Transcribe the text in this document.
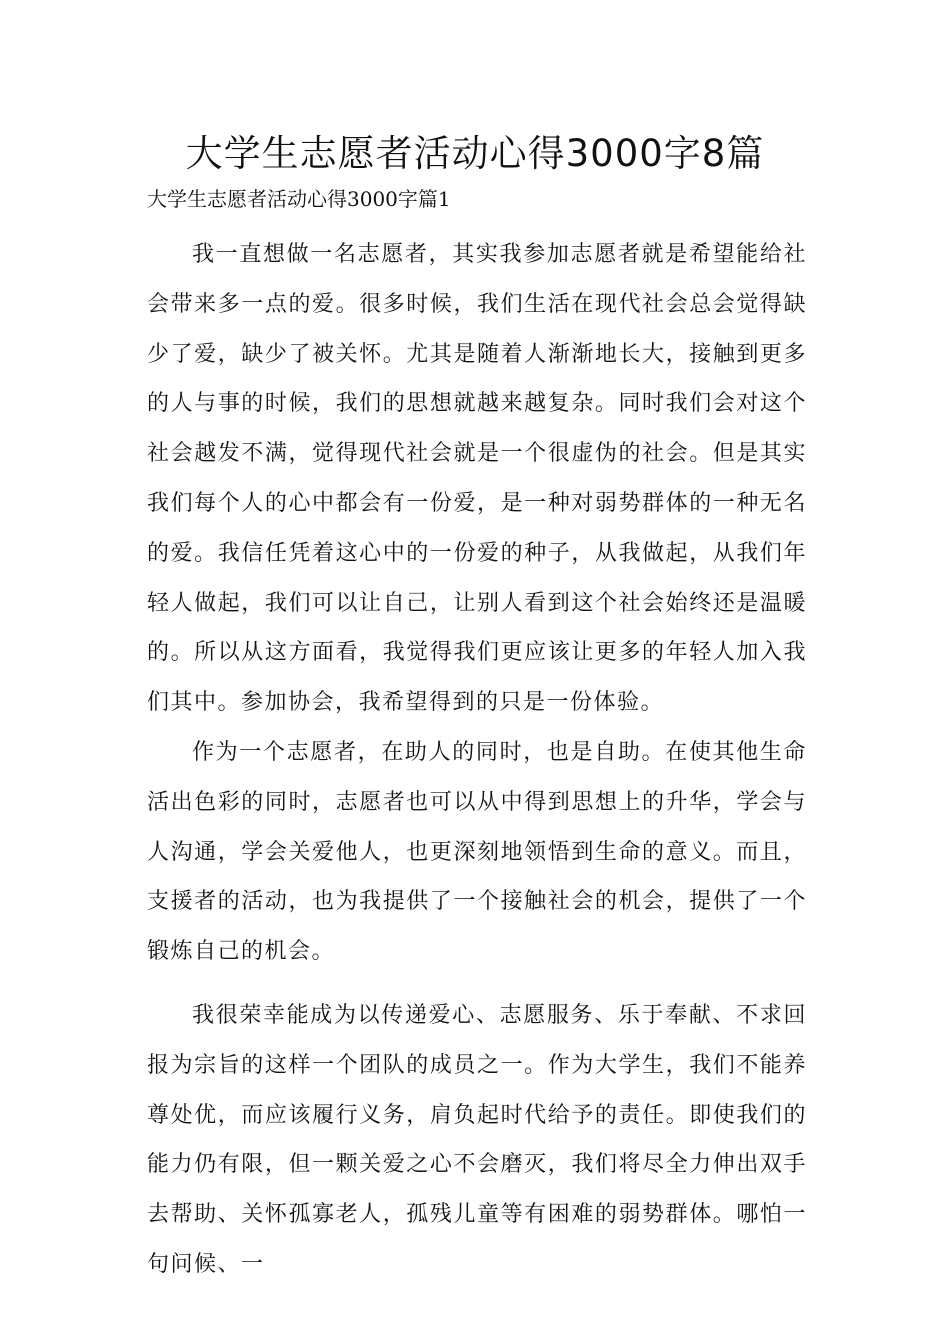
大学生志愿者活动心得3000字8篇
大学生志愿者活动心得3000字篇1

我一直想做一名志愿者，其实我参加志愿者就是希望能给社会带来多一点的爱。很多时候，我们生活在现代社会总会觉得缺少了爱，缺少了被关怀。尤其是随着人渐渐地长大，接触到更多的人与事的时候，我们的思想就越来越复杂。同时我们会对这个社会越发不满，觉得现代社会就是一个很虚伪的社会。但是其实我们每个人的心中都会有一份爱，是一种对弱势群体的一种无名的爱。我信任凭着这心中的一份爱的种子，从我做起，从我们年轻人做起，我们可以让自己，让别人看到这个社会始终还是温暖的。所以从这方面看，我觉得我们更应该让更多的年轻人加入我们其中。参加协会，我希望得到的只是一份体验。

作为一个志愿者，在助人的同时，也是自助。在使其他生命活出色彩的同时，志愿者也可以从中得到思想上的升华，学会与人沟通，学会关爱他人，也更深刻地领悟到生命的意义。而且，支援者的活动，也为我提供了一个接触社会的机会，提供了一个锻炼自己的机会。

我很荣幸能成为以传递爱心、志愿服务、乐于奉献、不求回报为宗旨的这样一个团队的成员之一。作为大学生，我们不能养尊处优，而应该履行义务，肩负起时代给予的责任。即使我们的能力仍有限，但一颗关爱之心不会磨灭，我们将尽全力伸出双手去帮助、关怀孤寡老人，孤残儿童等有困难的弱势群体。哪怕一句问候、一
